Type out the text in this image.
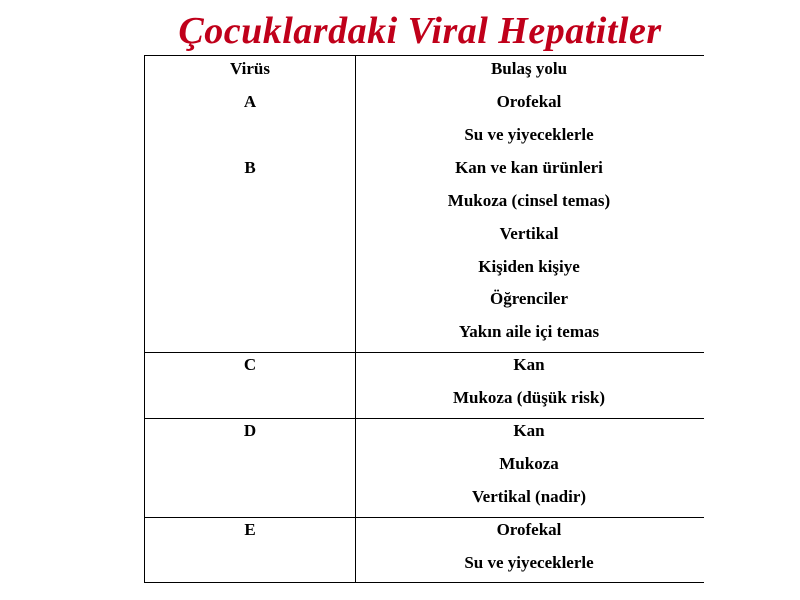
Çocuklardaki Viral Hepatitler
Virüs	Bulaş yolu
A	Orofekal
Su ve yiyeceklerle
B	Kan ve kan ürünleri
Mukoza (cinsel temas)
Vertikal
Kişiden kişiye
Öğrenciler
Yakın aile içi temas
C	Kan
Mukoza (düşük risk)
D	Kan
Mukoza
Vertikal (nadir)
E	Orofekal
Su ve yiyeceklerle
